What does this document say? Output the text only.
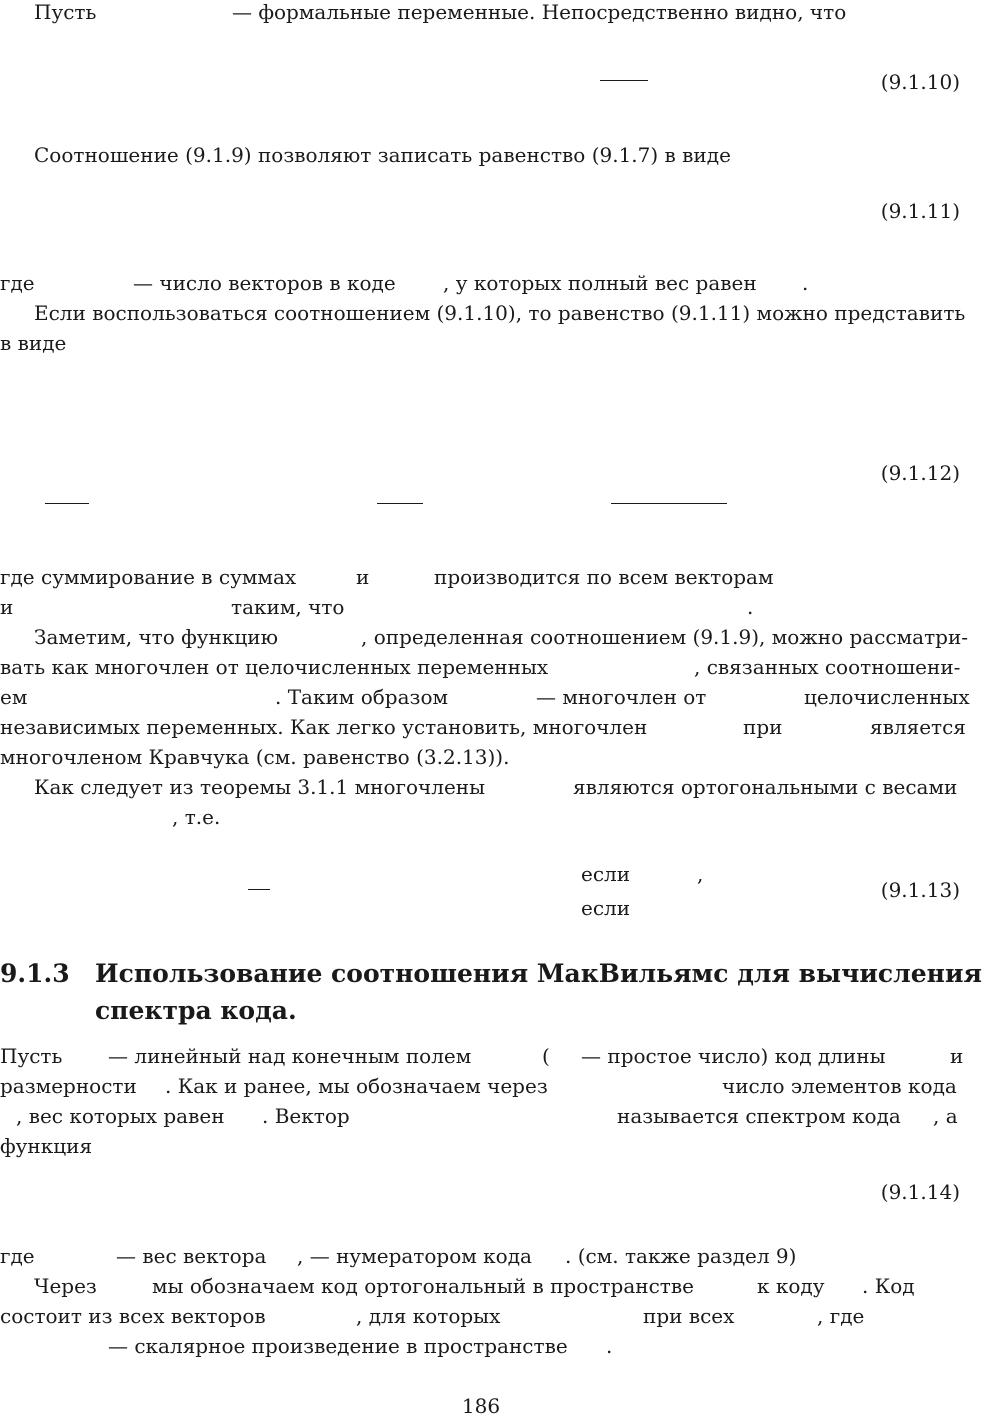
Пусть

	— формальные переменные. Непосредственно видно, что

(9.1.10)

Соотношение (9.1.9) позволяют записать равенство (9.1.7) в виде

(9.1.11)

где

	— число векторов в коде

, у которых полный вес равен

.

Если воспользоваться соотношением (9.1.10), то равенство (9.1.11) можно представить

в виде

(9.1.12)

где суммирование в суммах

	и

	производится по всем векторам

и

	таким, что

	.

Заметим, что функцию

	, определенная соотношением (9.1.9), можно рассматри-

вать как многочлен от целочисленных переменных

	, связанных соотношени-

ем

	. Таким образом

	— многочлен от

	целочисленных

независимых переменных. Как легко установить, многочлен

	при

	является

многочленом Кравчука (см. равенство (3.2.13)).

Как следует из теоремы 3.1.1 многочлены

	являются ортогональными с весами

, т.е.

если

	,

если

(9.1.13)
9.1.3 Использование соотношения МакВильямс для вычисления
спектра кода.

Пусть

— линейный над конечным полем

	(

— простое число) код длины

	и

размерности

. Как и ранее, мы обозначаем через

	число элементов кода

, вес которых равен

. Вектор

	называется спектром кода

, а

функция

(9.1.14)

где

	— вес вектора

, — нумератором кода

. (см. также раздел 9)

Через

	мы обозначаем код ортогональный в пространстве

	к коду

. Код

состоит из всех векторов

	, для которых

	при всех

	, где

— скалярное произведение в пространстве

.

186
